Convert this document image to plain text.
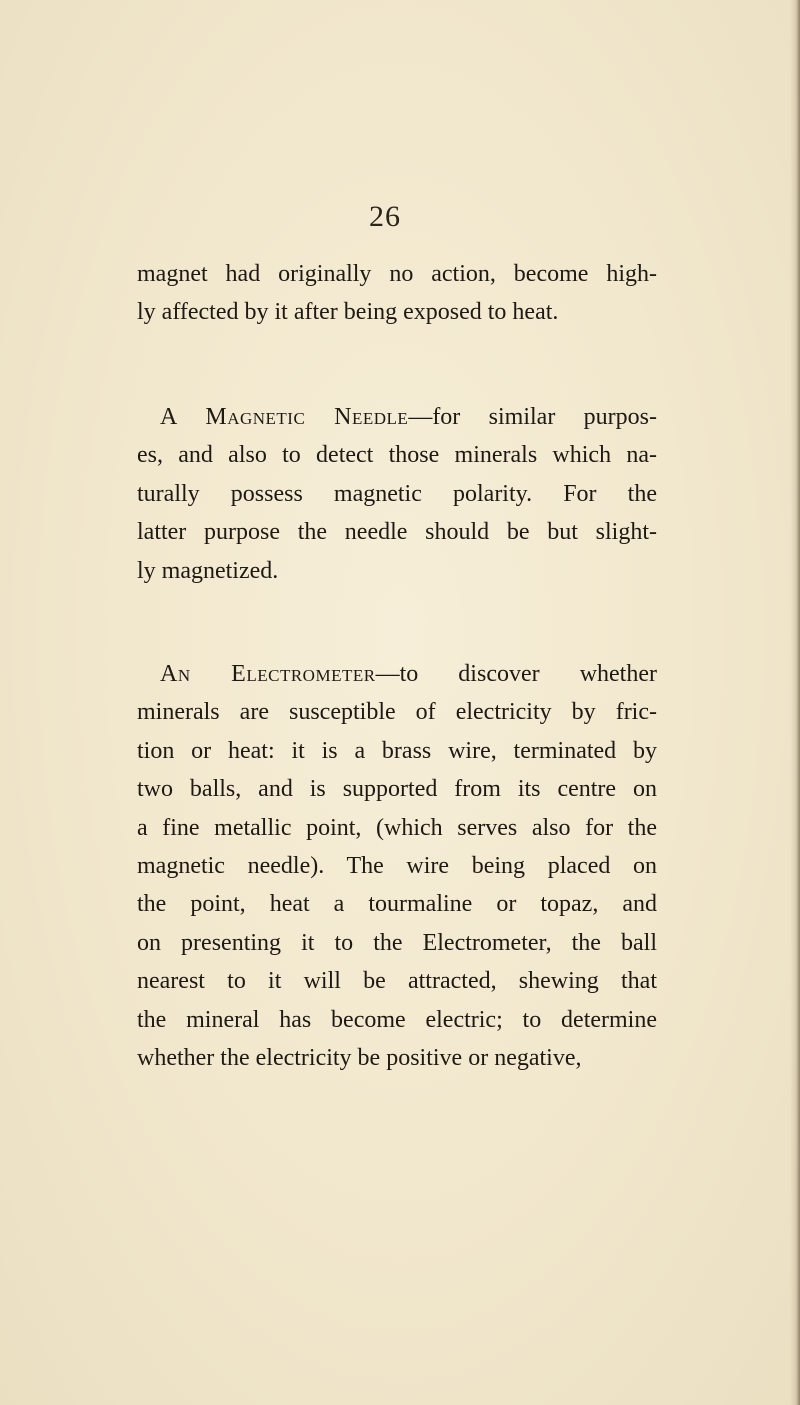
26
magnet had originally no action, become high-
ly affected by it after being exposed to heat.
A Magnetic Needle—for similar purpos-
es, and also to detect those minerals which na-
turally possess magnetic polarity. For the
latter purpose the needle should be but slight-
ly magnetized.
An Electrometer—to discover whether
minerals are susceptible of electricity by fric-
tion or heat: it is a brass wire, terminated by
two balls, and is supported from its centre on
a fine metallic point, (which serves also for the
magnetic needle). The wire being placed on
the point, heat a tourmaline or topaz, and
on presenting it to the Electrometer, the ball
nearest to it will be attracted, shewing that
the mineral has become electric; to determine
whether the electricity be positive or negative,
